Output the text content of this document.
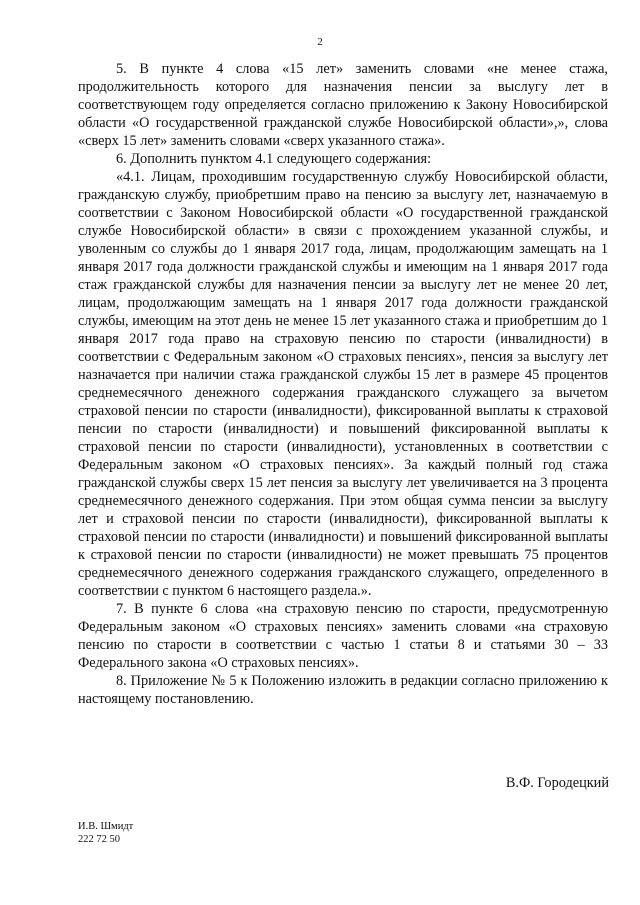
2

5. В пункте 4 слова «15 лет» заменить словами «не менее стажа, продолжительность которого для назначения пенсии за выслугу лет в соответствующем году определяется согласно приложению к Закону Новосибирской области «О государственной гражданской службе Новосибирской области»,», слова «сверх 15 лет» заменить словами «сверх указанного стажа».

6. Дополнить пунктом 4.1 следующего содержания:

«4.1. Лицам, проходившим государственную службу Новосибирской области, гражданскую службу, приобретшим право на пенсию за выслугу лет, назначаемую в соответствии с Законом Новосибирской области «О государственной гражданской службе Новосибирской области» в связи с прохождением указанной службы, и уволенным со службы до 1 января 2017 года, лицам, продолжающим замещать на 1 января 2017 года должности гражданской службы и имеющим на 1 января 2017 года стаж гражданской службы для назначения пенсии за выслугу лет не менее 20 лет, лицам, продолжающим замещать на 1 января 2017 года должности гражданской службы, имеющим на этот день не менее 15 лет указанного стажа и приобретшим до 1 января 2017 года право на страховую пенсию по старости (инвалидности) в соответствии с Федеральным законом «О страховых пенсиях», пенсия за выслугу лет назначается при наличии стажа гражданской службы 15 лет в размере 45 процентов среднемесячного денежного содержания гражданского служащего за вычетом страховой пенсии по старости (инвалидности), фиксированной выплаты к страховой пенсии по старости (инвалидности) и повышений фиксированной выплаты к страховой пенсии по старости (инвалидности), установленных в соответствии с Федеральным законом «О страховых пенсиях». За каждый полный год стажа гражданской службы сверх 15 лет пенсия за выслугу лет увеличивается на 3 процента среднемесячного денежного содержания. При этом общая сумма пенсии за выслугу лет и страховой пенсии по старости (инвалидности), фиксированной выплаты к страховой пенсии по старости (инвалидности) и повышений фиксированной выплаты к страховой пенсии по старости (инвалидности) не может превышать 75 процентов среднемесячного денежного содержания гражданского служащего, определенного в соответствии с пунктом 6 настоящего раздела.».

7. В пункте 6 слова «на страховую пенсию по старости, предусмотренную Федеральным законом «О страховых пенсиях» заменить словами «на страховую пенсию по старости в соответствии с частью 1 статьи 8 и статьями 30 – 33 Федерального закона «О страховых пенсиях».

8. Приложение № 5 к Положению изложить в редакции согласно приложению к настоящему постановлению.

В.Ф. Городецкий
И.В. Шмидт
222 72 50
